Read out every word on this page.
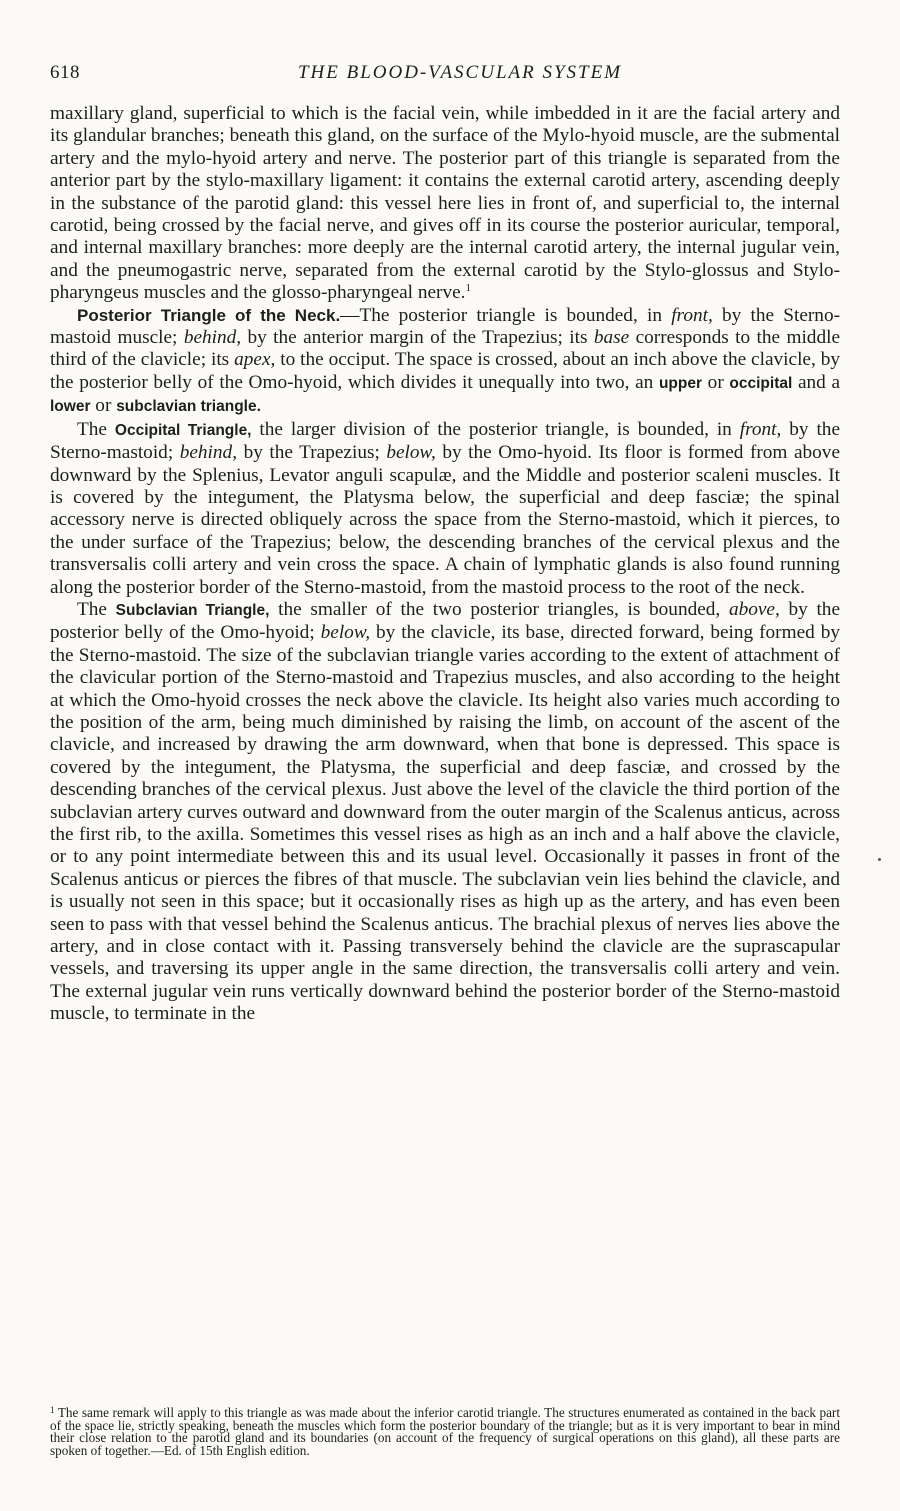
618	THE BLOOD-VASCULAR SYSTEM

maxillary gland, superficial to which is the facial vein, while imbedded in it are the facial artery and its glandular branches; beneath this gland, on the surface of the Mylo-hyoid muscle, are the submental artery and the mylo-hyoid artery and nerve. The posterior part of this triangle is separated from the anterior part by the stylo-maxillary ligament: it contains the external carotid artery, ascending deeply in the substance of the parotid gland: this vessel here lies in front of, and superficial to, the internal carotid, being crossed by the facial nerve, and gives off in its course the posterior auricular, temporal, and internal maxillary branches: more deeply are the internal carotid artery, the internal jugular vein, and the pneumogastric nerve, separated from the external carotid by the Stylo-glossus and Stylo-pharyngeus muscles and the glosso-pharyngeal nerve.$^1$

Posterior Triangle of the Neck.—The posterior triangle is bounded, in front, by the Sterno-mastoid muscle; behind, by the anterior margin of the Trapezius; its base corresponds to the middle third of the clavicle; its apex, to the occiput. The space is crossed, about an inch above the clavicle, by the posterior belly of the Omo-hyoid, which divides it unequally into two, an upper or occipital and a lower or subclavian triangle.

The Occipital Triangle, the larger division of the posterior triangle, is bounded, in front, by the Sterno-mastoid; behind, by the Trapezius; below, by the Omo-hyoid. Its floor is formed from above downward by the Splenius, Levator anguli scapulæ, and the Middle and posterior scaleni muscles. It is covered by the integument, the Platysma below, the superficial and deep fasciæ; the spinal accessory nerve is directed obliquely across the space from the Sterno-mastoid, which it pierces, to the under surface of the Trapezius; below, the descending branches of the cervical plexus and the transversalis colli artery and vein cross the space. A chain of lymphatic glands is also found running along the posterior border of the Sterno-mastoid, from the mastoid process to the root of the neck.

The Subclavian Triangle, the smaller of the two posterior triangles, is bounded, above, by the posterior belly of the Omo-hyoid; below, by the clavicle, its base, directed forward, being formed by the Sterno-mastoid. The size of the subclavian triangle varies according to the extent of attachment of the clavicular portion of the Sterno-mastoid and Trapezius muscles, and also according to the height at which the Omo-hyoid crosses the neck above the clavicle. Its height also varies much according to the position of the arm, being much diminished by raising the limb, on account of the ascent of the clavicle, and increased by drawing the arm downward, when that bone is depressed. This space is covered by the integument, the Platysma, the superficial and deep fasciæ, and crossed by the descending branches of the cervical plexus. Just above the level of the clavicle the third portion of the subclavian artery curves outward and downward from the outer margin of the Scalenus anticus, across the first rib, to the axilla. Sometimes this vessel rises as high as an inch and a half above the clavicle, or to any point intermediate between this and its usual level. Occasionally it passes in front of the Scalenus anticus or pierces the fibres of that muscle. The subclavian vein lies behind the clavicle, and is usually not seen in this space; but it occasionally rises as high up as the artery, and has even been seen to pass with that vessel behind the Scalenus anticus. The brachial plexus of nerves lies above the artery, and in close contact with it. Passing transversely behind the clavicle are the suprascapular vessels, and traversing its upper angle in the same direction, the transversalis colli artery and vein. The external jugular vein runs vertically downward behind the posterior border of the Sterno-mastoid muscle, to terminate in the

$^1$ The same remark will apply to this triangle as was made about the inferior carotid triangle. The structures enumerated as contained in the back part of the space lie, strictly speaking, beneath the muscles which form the posterior boundary of the triangle; but as it is very important to bear in mind their close relation to the parotid gland and its boundaries (on account of the frequency of surgical operations on this gland), all these parts are spoken of together.—Ed. of 15th English edition.
